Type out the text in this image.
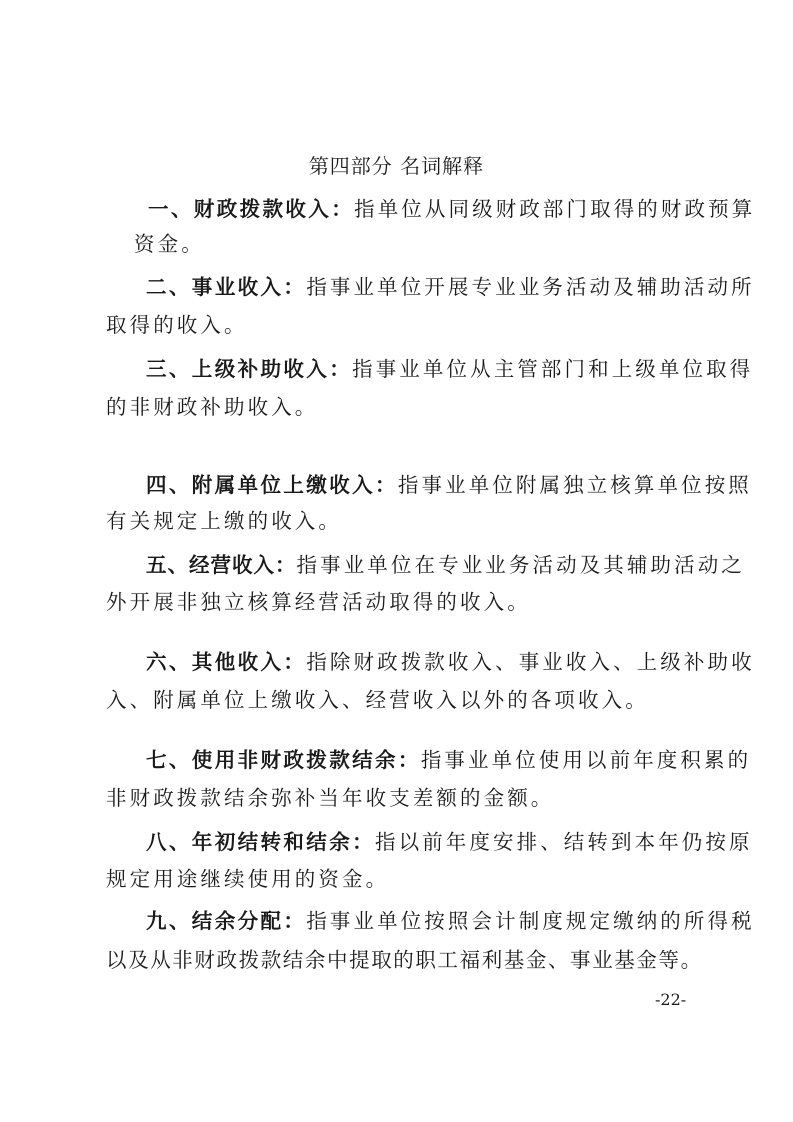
第四部分 名词解释
一、财政拨款收入：指单位从同级财政部门取得的财政预算
资金。
二、事业收入：指事业单位开展专业业务活动及辅助活动所
取得的收入。
三、上级补助收入：指事业单位从主管部门和上级单位取得
的非财政补助收入。
四、附属单位上缴收入：指事业单位附属独立核算单位按照
有关规定上缴的收入。
五、经营收入：指事业单位在专业业务活动及其辅助活动之
外开展非独立核算经营活动取得的收入。
六、其他收入：指除财政拨款收入、事业收入、上级补助收
入、附属单位上缴收入、经营收入以外的各项收入。
七、使用非财政拨款结余：指事业单位使用以前年度积累的
非财政拨款结余弥补当年收支差额的金额。
八、年初结转和结余：指以前年度安排、结转到本年仍按原
规定用途继续使用的资金。
九、结余分配：指事业单位按照会计制度规定缴纳的所得税
以及从非财政拨款结余中提取的职工福利基金、事业基金等。
-22-
